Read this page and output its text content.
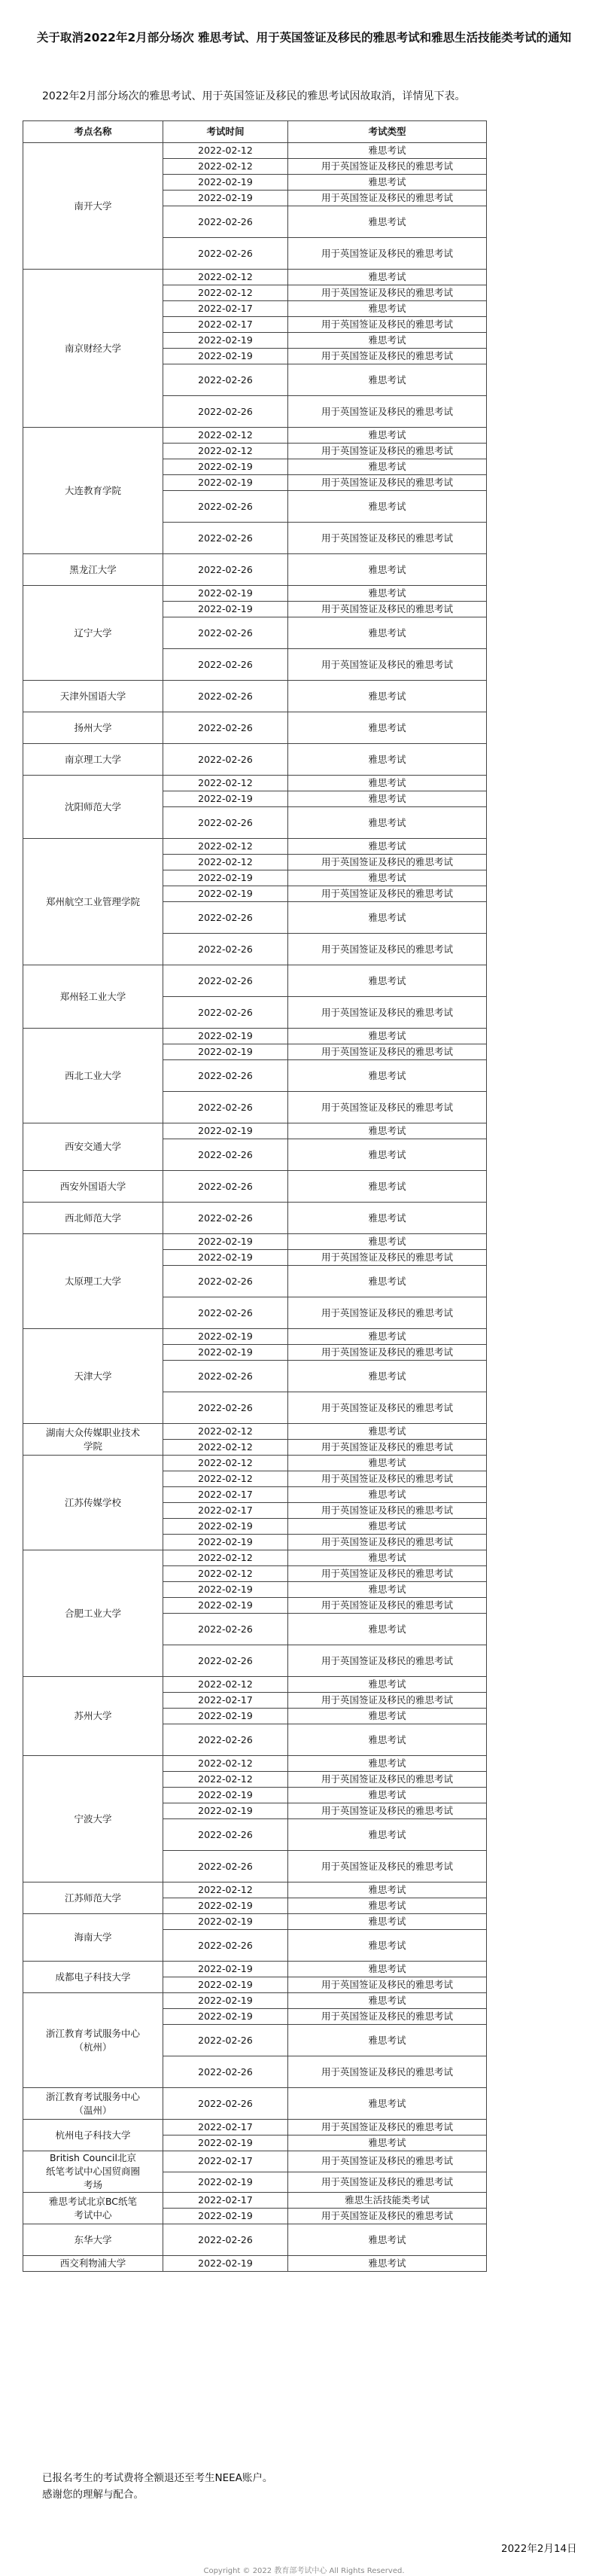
关于取消2022年2月部分场次 雅思考试、用于英国签证及移民的雅思考试和雅思生活技能类考试的通知
2022年2月部分场次的雅思考试、用于英国签证及移民的雅思考试因故取消，详情见下表。
考点名称	考试时间	考试类型
南开大学	2022-02-12	雅思考试
	2022-02-12	用于英国签证及移民的雅思考试
	2022-02-19	雅思考试
	2022-02-19	用于英国签证及移民的雅思考试
	2022-02-26	雅思考试
	2022-02-26	用于英国签证及移民的雅思考试
南京财经大学	2022-02-12	雅思考试
	2022-02-12	用于英国签证及移民的雅思考试
	2022-02-17	雅思考试
	2022-02-17	用于英国签证及移民的雅思考试
	2022-02-19	雅思考试
	2022-02-19	用于英国签证及移民的雅思考试
	2022-02-26	雅思考试
	2022-02-26	用于英国签证及移民的雅思考试
大连教育学院	2022-02-12	雅思考试
	2022-02-12	用于英国签证及移民的雅思考试
	2022-02-19	雅思考试
	2022-02-19	用于英国签证及移民的雅思考试
	2022-02-26	雅思考试
	2022-02-26	用于英国签证及移民的雅思考试
黑龙江大学	2022-02-26	雅思考试
辽宁大学	2022-02-19	雅思考试
	2022-02-19	用于英国签证及移民的雅思考试
	2022-02-26	雅思考试
	2022-02-26	用于英国签证及移民的雅思考试
天津外国语大学	2022-02-26	雅思考试
扬州大学	2022-02-26	雅思考试
南京理工大学	2022-02-26	雅思考试
沈阳师范大学	2022-02-12	雅思考试
	2022-02-19	雅思考试
	2022-02-26	雅思考试
郑州航空工业管理学院	2022-02-12	雅思考试
	2022-02-12	用于英国签证及移民的雅思考试
	2022-02-19	雅思考试
	2022-02-19	用于英国签证及移民的雅思考试
	2022-02-26	雅思考试
	2022-02-26	用于英国签证及移民的雅思考试
郑州轻工业大学	2022-02-26	雅思考试
	2022-02-26	用于英国签证及移民的雅思考试
西北工业大学	2022-02-19	雅思考试
	2022-02-19	用于英国签证及移民的雅思考试
	2022-02-26	雅思考试
	2022-02-26	用于英国签证及移民的雅思考试
西安交通大学	2022-02-19	雅思考试
	2022-02-26	雅思考试
西安外国语大学	2022-02-26	雅思考试
西北师范大学	2022-02-26	雅思考试
太原理工大学	2022-02-19	雅思考试
	2022-02-19	用于英国签证及移民的雅思考试
	2022-02-26	雅思考试
	2022-02-26	用于英国签证及移民的雅思考试
天津大学	2022-02-19	雅思考试
	2022-02-19	用于英国签证及移民的雅思考试
	2022-02-26	雅思考试
	2022-02-26	用于英国签证及移民的雅思考试
湖南大众传媒职业技术学院	2022-02-12	雅思考试
	2022-02-12	用于英国签证及移民的雅思考试
江苏传媒学校	2022-02-12	雅思考试
	2022-02-12	用于英国签证及移民的雅思考试
	2022-02-17	雅思考试
	2022-02-17	用于英国签证及移民的雅思考试
	2022-02-19	雅思考试
	2022-02-19	用于英国签证及移民的雅思考试
合肥工业大学	2022-02-12	雅思考试
	2022-02-12	用于英国签证及移民的雅思考试
	2022-02-19	雅思考试
	2022-02-19	用于英国签证及移民的雅思考试
	2022-02-26	雅思考试
	2022-02-26	用于英国签证及移民的雅思考试
苏州大学	2022-02-12	雅思考试
	2022-02-17	用于英国签证及移民的雅思考试
	2022-02-19	雅思考试
	2022-02-26	雅思考试
宁波大学	2022-02-12	雅思考试
	2022-02-12	用于英国签证及移民的雅思考试
	2022-02-19	雅思考试
	2022-02-19	用于英国签证及移民的雅思考试
	2022-02-26	雅思考试
	2022-02-26	用于英国签证及移民的雅思考试
江苏师范大学	2022-02-12	雅思考试
	2022-02-19	雅思考试
海南大学	2022-02-19	雅思考试
	2022-02-26	雅思考试
成都电子科技大学	2022-02-19	雅思考试
	2022-02-19	用于英国签证及移民的雅思考试
浙江教育考试服务中心（杭州）	2022-02-19	雅思考试
	2022-02-19	用于英国签证及移民的雅思考试
	2022-02-26	雅思考试
	2022-02-26	用于英国签证及移民的雅思考试
浙江教育考试服务中心（温州）	2022-02-26	雅思考试
杭州电子科技大学	2022-02-17	用于英国签证及移民的雅思考试
	2022-02-19	雅思考试
British Council北京纸笔考试中心国贸商圈考场	2022-02-17	用于英国签证及移民的雅思考试
	2022-02-19	用于英国签证及移民的雅思考试
雅思考试北京BC纸笔考试中心	2022-02-17	雅思生活技能类考试
	2022-02-19	用于英国签证及移民的雅思考试
东华大学	2022-02-26	雅思考试
西交利物浦大学	2022-02-19	雅思考试
已报名考生的考试费将全额退还至考生NEEA账户。
感谢您的理解与配合。
2022年2月14日
Copyright © 2022 教育部考试中心 All Rights Reserved.
